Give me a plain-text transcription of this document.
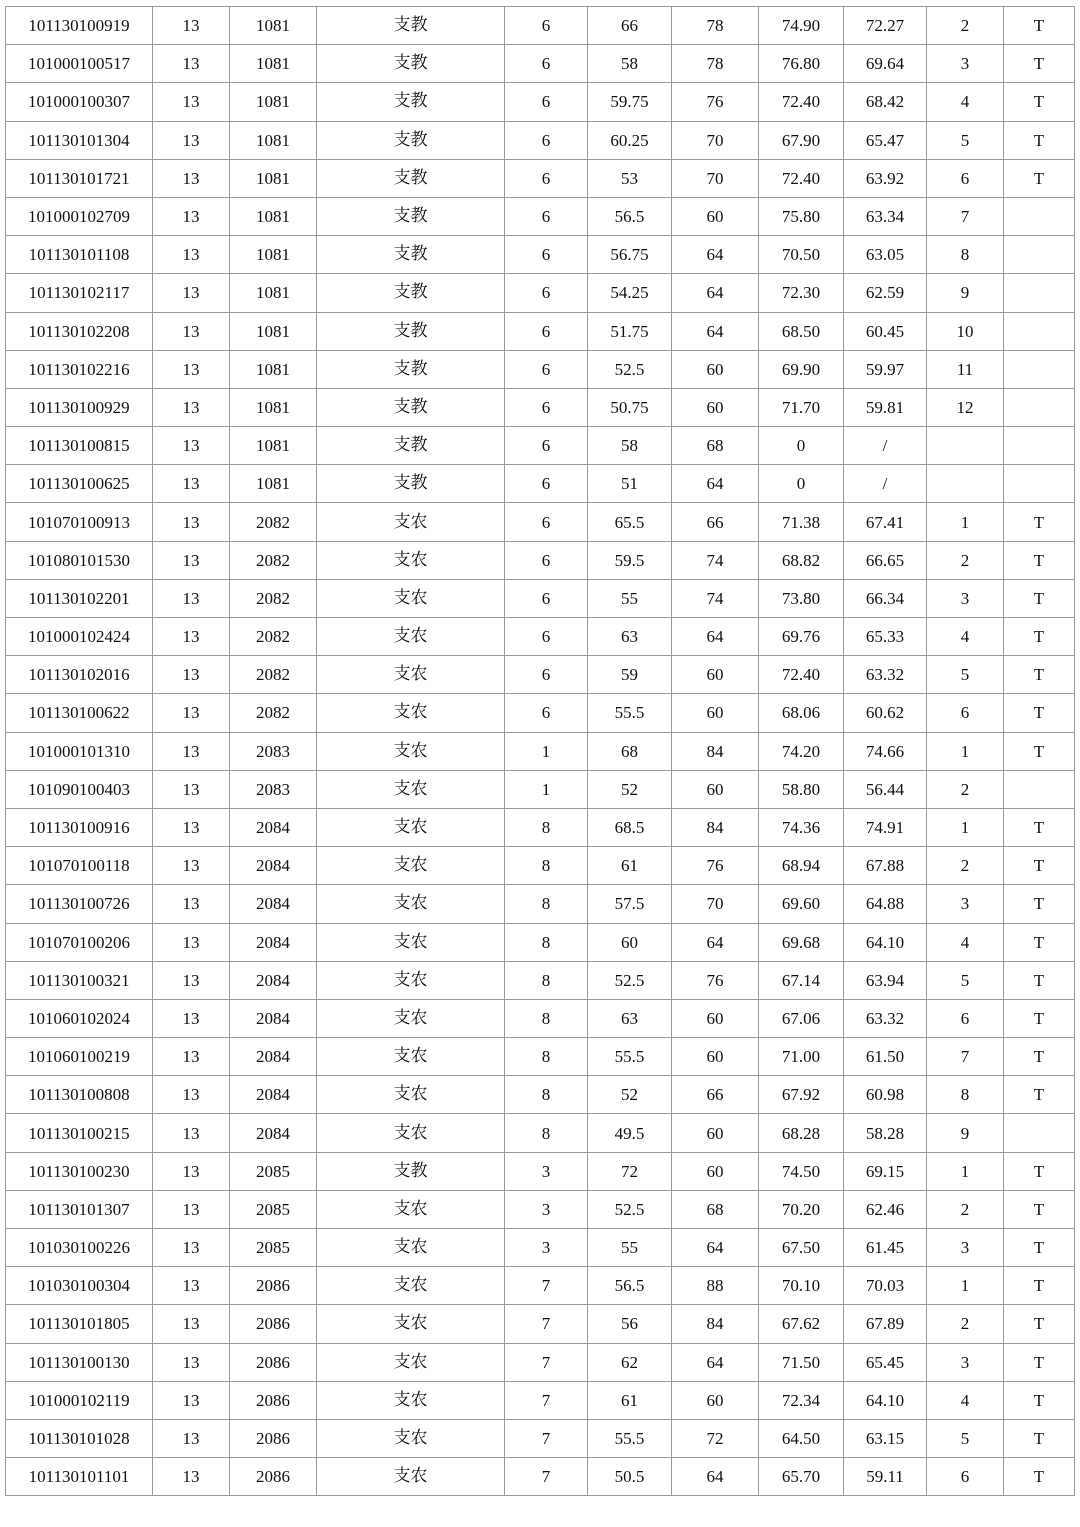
101130100919	13	1081	支教	6	66	78	74.90	72.27	2	T
101000100517	13	1081	支教	6	58	78	76.80	69.64	3	T
101000100307	13	1081	支教	6	59.75	76	72.40	68.42	4	T
101130101304	13	1081	支教	6	60.25	70	67.90	65.47	5	T
101130101721	13	1081	支教	6	53	70	72.40	63.92	6	T
101000102709	13	1081	支教	6	56.5	60	75.80	63.34	7	
101130101108	13	1081	支教	6	56.75	64	70.50	63.05	8	
101130102117	13	1081	支教	6	54.25	64	72.30	62.59	9	
101130102208	13	1081	支教	6	51.75	64	68.50	60.45	10	
101130102216	13	1081	支教	6	52.5	60	69.90	59.97	11	
101130100929	13	1081	支教	6	50.75	60	71.70	59.81	12	
101130100815	13	1081	支教	6	58	68	0	/		
101130100625	13	1081	支教	6	51	64	0	/		
101070100913	13	2082	支农	6	65.5	66	71.38	67.41	1	T
101080101530	13	2082	支农	6	59.5	74	68.82	66.65	2	T
101130102201	13	2082	支农	6	55	74	73.80	66.34	3	T
101000102424	13	2082	支农	6	63	64	69.76	65.33	4	T
101130102016	13	2082	支农	6	59	60	72.40	63.32	5	T
101130100622	13	2082	支农	6	55.5	60	68.06	60.62	6	T
101000101310	13	2083	支农	1	68	84	74.20	74.66	1	T
101090100403	13	2083	支农	1	52	60	58.80	56.44	2	
101130100916	13	2084	支农	8	68.5	84	74.36	74.91	1	T
101070100118	13	2084	支农	8	61	76	68.94	67.88	2	T
101130100726	13	2084	支农	8	57.5	70	69.60	64.88	3	T
101070100206	13	2084	支农	8	60	64	69.68	64.10	4	T
101130100321	13	2084	支农	8	52.5	76	67.14	63.94	5	T
101060102024	13	2084	支农	8	63	60	67.06	63.32	6	T
101060100219	13	2084	支农	8	55.5	60	71.00	61.50	7	T
101130100808	13	2084	支农	8	52	66	67.92	60.98	8	T
101130100215	13	2084	支农	8	49.5	60	68.28	58.28	9	
101130100230	13	2085	支教	3	72	60	74.50	69.15	1	T
101130101307	13	2085	支农	3	52.5	68	70.20	62.46	2	T
101030100226	13	2085	支农	3	55	64	67.50	61.45	3	T
101030100304	13	2086	支农	7	56.5	88	70.10	70.03	1	T
101130101805	13	2086	支农	7	56	84	67.62	67.89	2	T
101130100130	13	2086	支农	7	62	64	71.50	65.45	3	T
101000102119	13	2086	支农	7	61	60	72.34	64.10	4	T
101130101028	13	2086	支农	7	55.5	72	64.50	63.15	5	T
101130101101	13	2086	支农	7	50.5	64	65.70	59.11	6	T
